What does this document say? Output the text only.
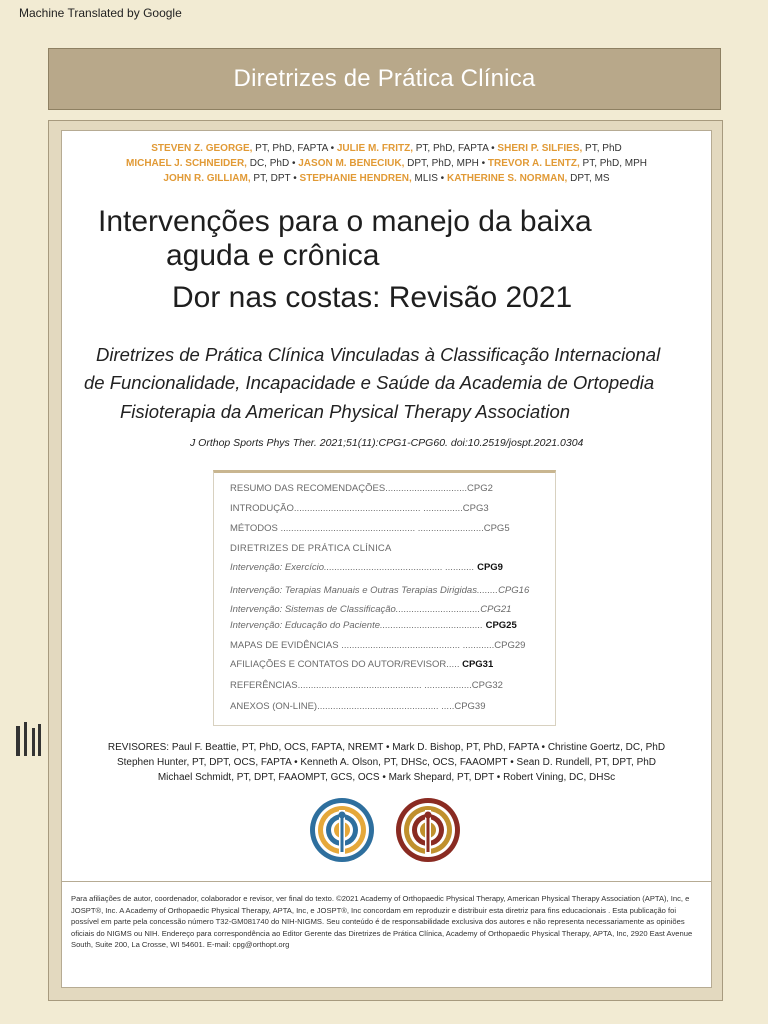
Machine Translated by Google
Diretrizes de Prática Clínica
STEVEN Z. GEORGE, PT, PhD, FAPTA • JULIE M. FRITZ, PT, PhD, FAPTA • SHERI P. SILFIES, PT, PhD
MICHAEL J. SCHNEIDER, DC, PhD • JASON M. BENECIUK, DPT, PhD, MPH • TREVOR A. LENTZ, PT, PhD, MPH
JOHN R. GILLIAM, PT, DPT • STEPHANIE HENDREN, MLIS • KATHERINE S. NORMAN, DPT, MS
Intervenções para o manejo da baixa
aguda e crônica
Dor nas costas: Revisão 2021
Diretrizes de Prática Clínica Vinculadas à Classificação Internacional
de Funcionalidade, Incapacidade e Saúde da Academia de Ortopedia
Fisioterapia da American Physical Therapy Association
J Orthop Sports Phys Ther. 2021;51(11):CPG1-CPG60. doi:10.2519/jospt.2021.0304
RESUMO DAS RECOMENDAÇÕES...............................CPG2
INTRODUÇÃO................................................ ...............CPG3
MÉTODOS ................................................... .........................CPG5
DIRETRIZES DE PRÁTICA CLÍNICA
Intervenção: Exercício............................................. ........... CPG9
Intervenção: Terapias Manuais e Outras Terapias Dirigidas........CPG16
Intervenção: Sistemas de Classificação................................CPG21
Intervenção: Educação do Paciente....................................... CPG25
MAPAS DE EVIDÊNCIAS ............................................. ............CPG29
AFILIAÇÕES E CONTATOS DO AUTOR/REVISOR..... CPG31
REFERÊNCIAS............................................... ..................CPG32
ANEXOS (ON-LINE).............................................. .....CPG39
REVISORES: Paul F. Beattie, PT, PhD, OCS, FAPTA, NREMT • Mark D. Bishop, PT, PhD, FAPTA • Christine Goertz, DC, PhD
Stephen Hunter, PT, DPT, OCS, FAPTA • Kenneth A. Olson, PT, DHSc, OCS, FAAOMPT • Sean D. Rundell, PT, DPT, PhD
Michael Schmidt, PT, DPT, FAAOMPT, GCS, OCS • Mark Shepard, PT, DPT • Robert Vining, DC, DHSc
Para afiliações de autor, coordenador, colaborador e revisor, ver final do texto. ©2021 Academy of Orthopaedic Physical Therapy, American Physical Therapy Association (APTA), Inc, e JOSPT®, Inc. A Academy of Orthopaedic Physical Therapy, APTA, Inc, e JOSPT®, Inc concordam em reproduzir e distribuir esta diretriz para fins educacionais . Esta publicação foi possível em parte pela concessão número T32-GM081740 do NIH-NIGMS. Seu conteúdo é de responsabilidade exclusiva dos autores e não representa necessariamente as opiniões oficiais do NIGMS ou NIH. Endereço para correspondência ao Editor Gerente das Diretrizes de Prática Clínica, Academy of Orthopaedic Physical Therapy, APTA, Inc, 2920 East Avenue South, Suite 200, La Crosse, WI 54601. E-mail: cpg@orthopt.org
